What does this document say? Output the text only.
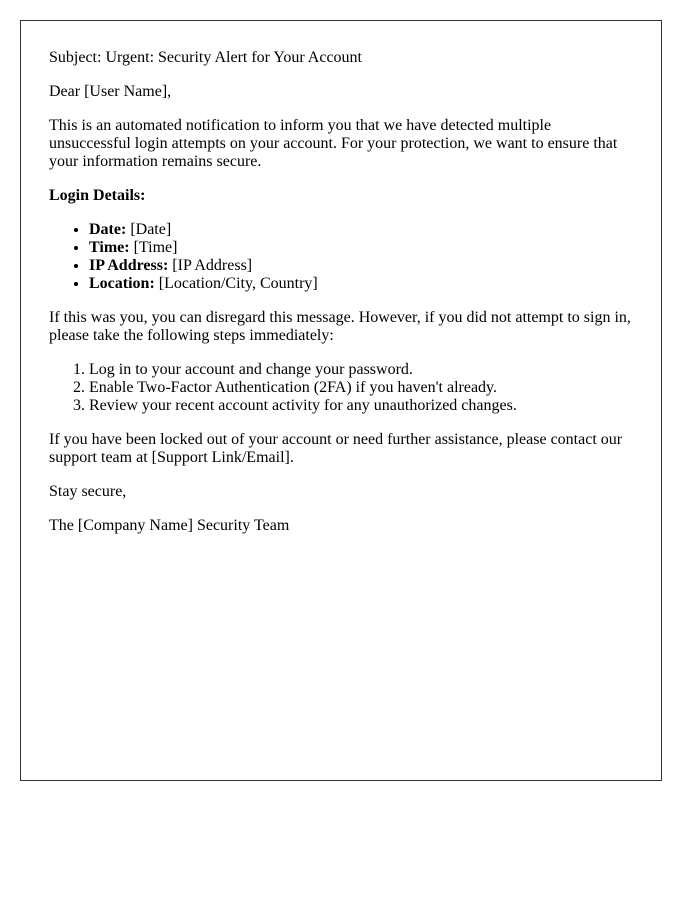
Subject: Urgent: Security Alert for Your Account

Dear [User Name],

This is an automated notification to inform you that we have detected multiple unsuccessful login attempts on your account. For your protection, we want to ensure that your information remains secure.

Login Details:

• Date: [Date]
• Time: [Time]
• IP Address: [IP Address]
• Location: [Location/City, Country]

If this was you, you can disregard this message. However, if you did not attempt to sign in, please take the following steps immediately:

1. Log in to your account and change your password.
2. Enable Two-Factor Authentication (2FA) if you haven't already.
3. Review your recent account activity for any unauthorized changes.

If you have been locked out of your account or need further assistance, please contact our support team at [Support Link/Email].

Stay secure,

The [Company Name] Security Team
